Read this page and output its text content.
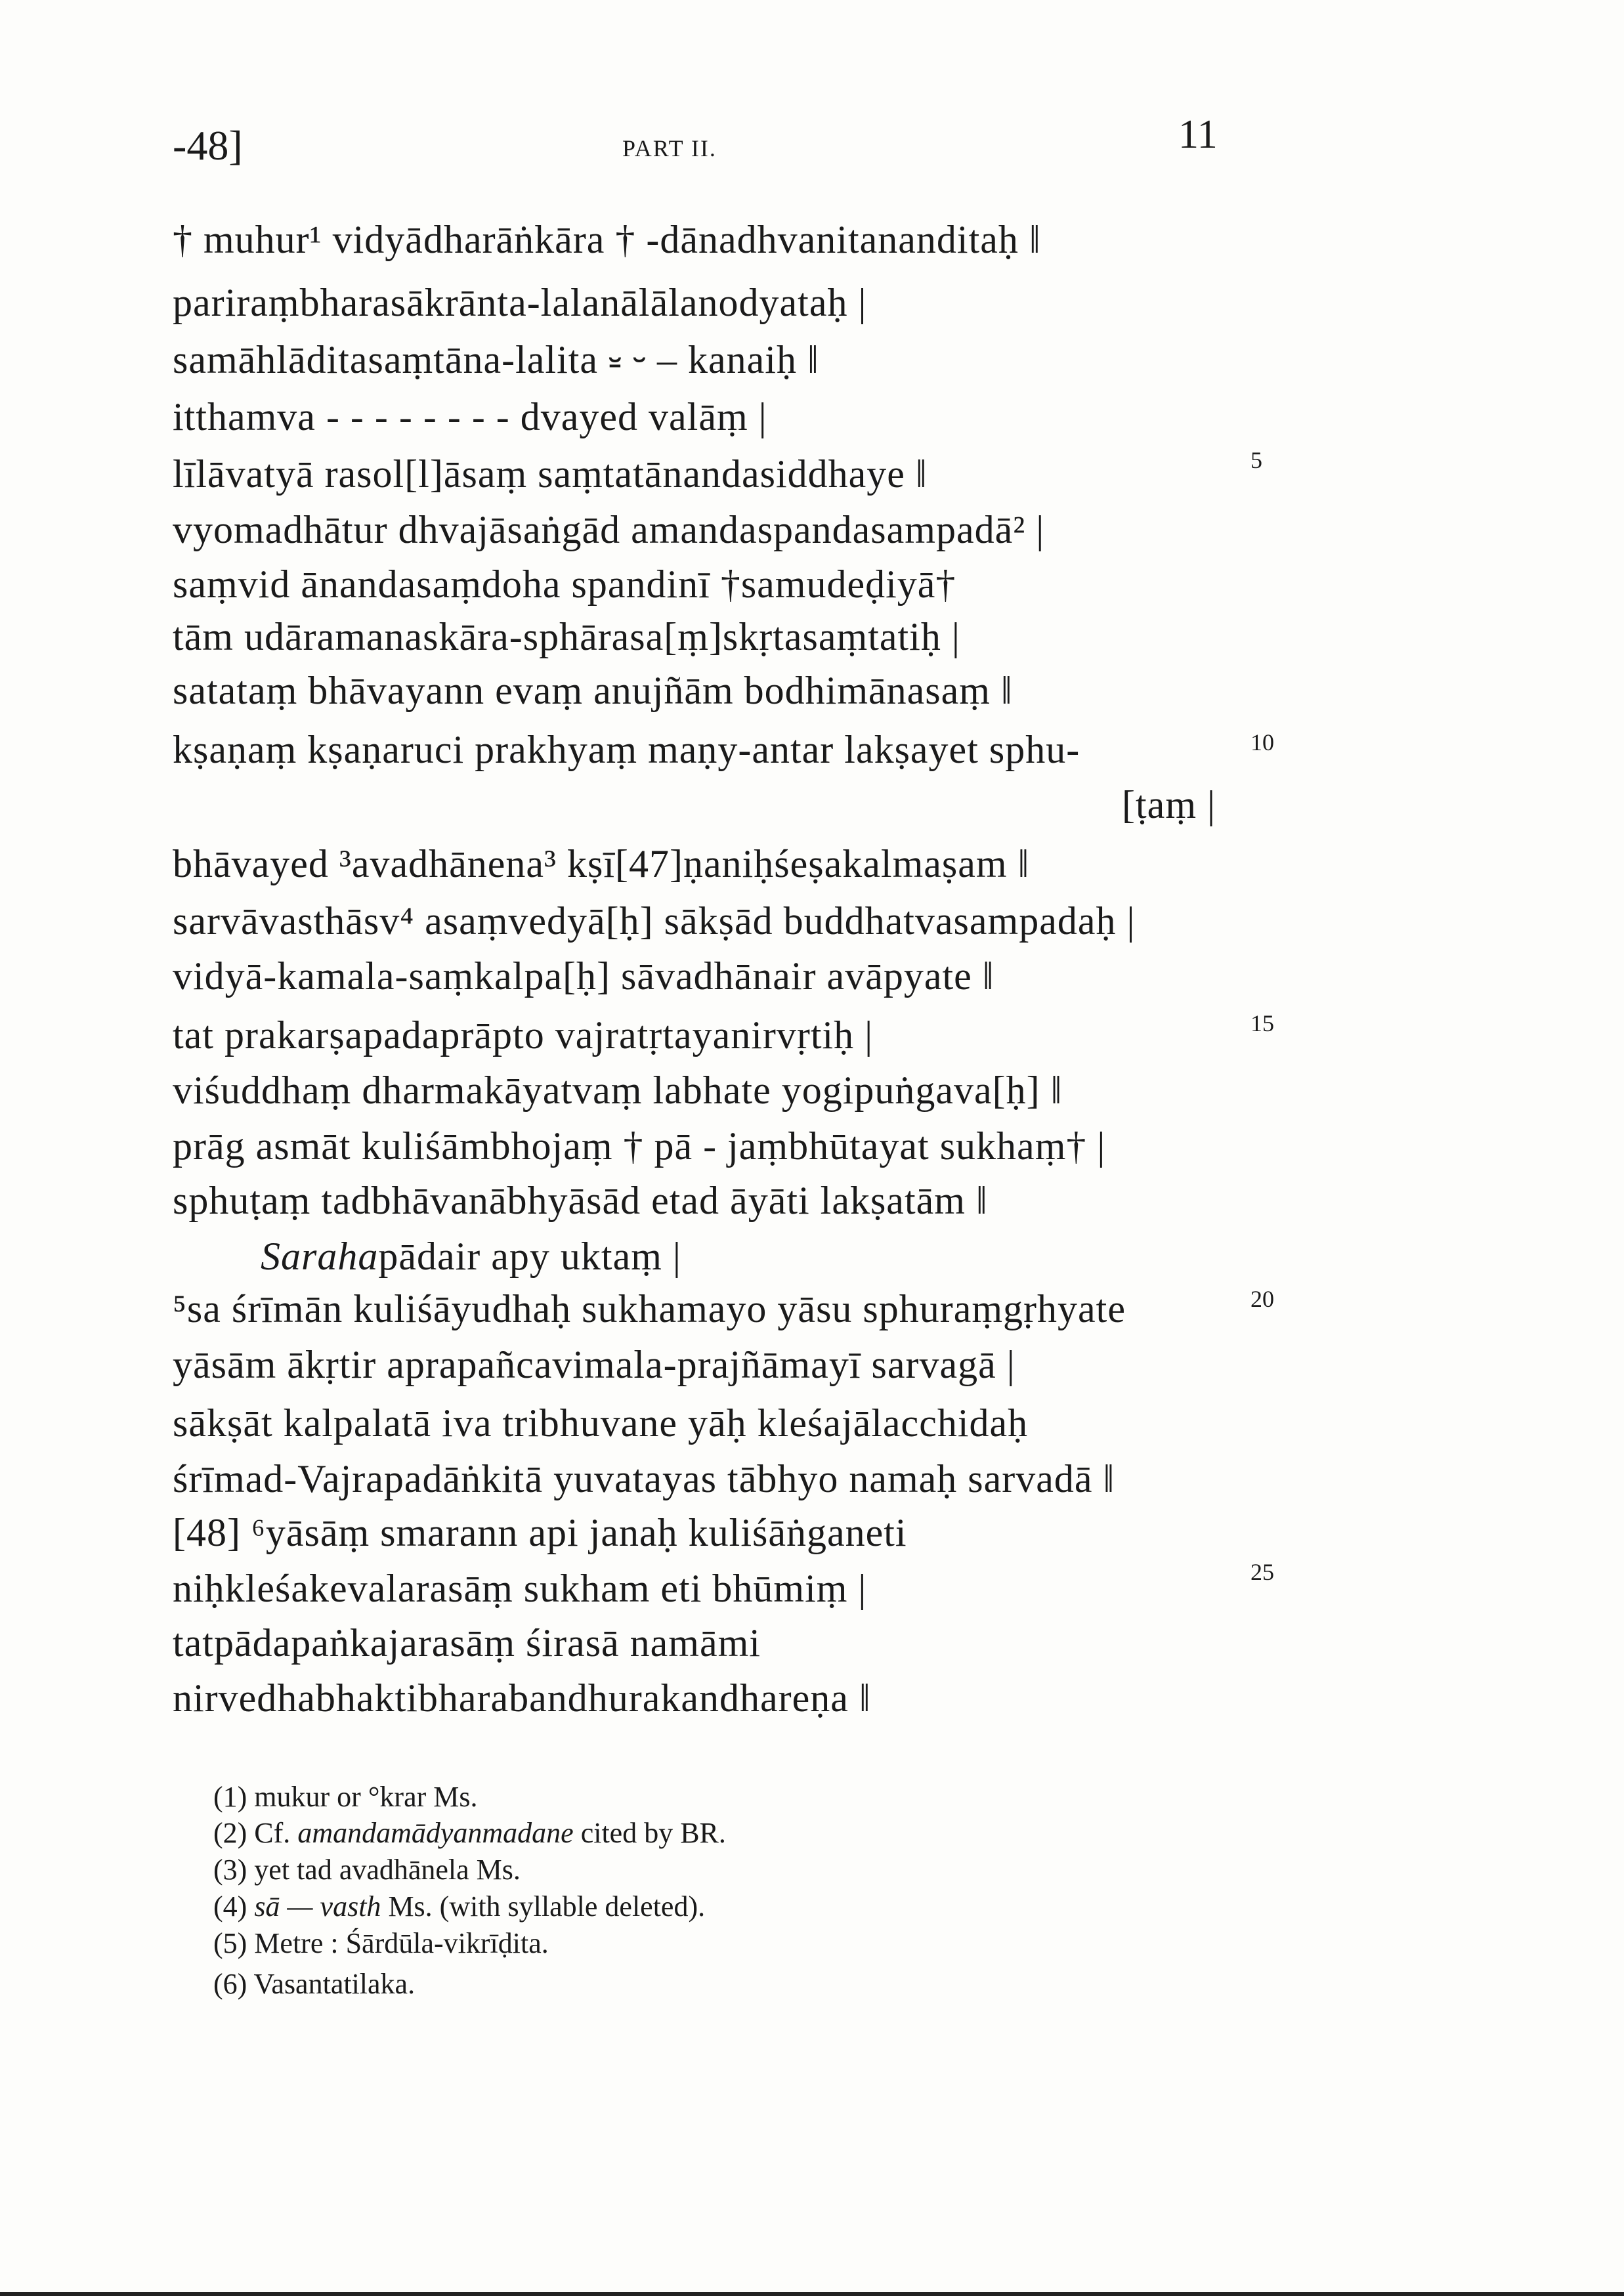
-48]	PART II.	11
† muhur¹ vidyādharāṅkāra † -dānadhvanitananditaḥ ‖
pariraṃbharasākrānta-lalanālālanodyataḥ |
samāhlāditasaṃtāna-lalita ⏓ ⏑ – kanaiḥ ‖
itthamva - - - - - - - - dvayed valāṃ |
līlāvatyā rasol[l]āsaṃ saṃtatānandasiddhaye ‖
vyomadhātur dhvajāsaṅgād amandaspandasampadā² |
saṃvid ānandasaṃdoha spandinī †samudeḍiyā†
tām udāramanaskāra-sphārasa[ṃ]skṛtasaṃtatiḥ |
satataṃ bhāvayann evaṃ anujñām bodhimānasaṃ ‖
kṣaṇaṃ kṣaṇaruci prakhyaṃ maṇy-antar lakṣayet sphu-
[ṭaṃ |
bhāvayed ³avadhānena³ kṣī[47]ṇaniḥśeṣakalmaṣam ‖
sarvāvasthāsv⁴ asaṃvedyā[ḥ] sākṣād buddhatvasampadaḥ |
vidyā-kamala-saṃkalpa[ḥ] sāvadhānair avāpyate ‖
tat prakarṣapadaprāpto vajratṛtayanirvṛtiḥ |
viśuddhaṃ dharmakāyatvaṃ labhate yogipuṅgava[ḥ] ‖
prāg asmāt kuliśāmbhojaṃ † pā - jaṃbhūtayat sukhaṃ† |
sphuṭaṃ tadbhāvanābhyāsād etad āyāti lakṣatām ‖
Sarahapādair apy uktaṃ |
⁵sa śrīmān kuliśāyudhaḥ sukhamayo yāsu sphuraṃgṛhyate
yāsām ākṛtir aprapañcavimala-prajñāmayī sarvagā |
sākṣāt kalpalatā iva tribhuvane yāḥ kleśajālacchidaḥ
śrīmad-Vajrapadāṅkitā yuvatayas tābhyo namaḥ sarvadā ‖
[48] ⁶yāsāṃ smarann api janaḥ kuliśāṅganeti
niḥkleśakevalarasāṃ sukham eti bhūmiṃ |
tatpādapaṅkajarasāṃ śirasā namāmi
nirvedhabhaktibharabandhurakandhareṇa ‖
5
10
15
20
25
(1) mukur or °krar Ms.
(2) Cf. amandamādyanmadane cited by BR.
(3) yet tad avadhānela Ms.
(4) sā — vasth Ms. (with syllable deleted).
(5) Metre : Śārdūla-vikrīḍita.
(6) Vasantatilaka.
